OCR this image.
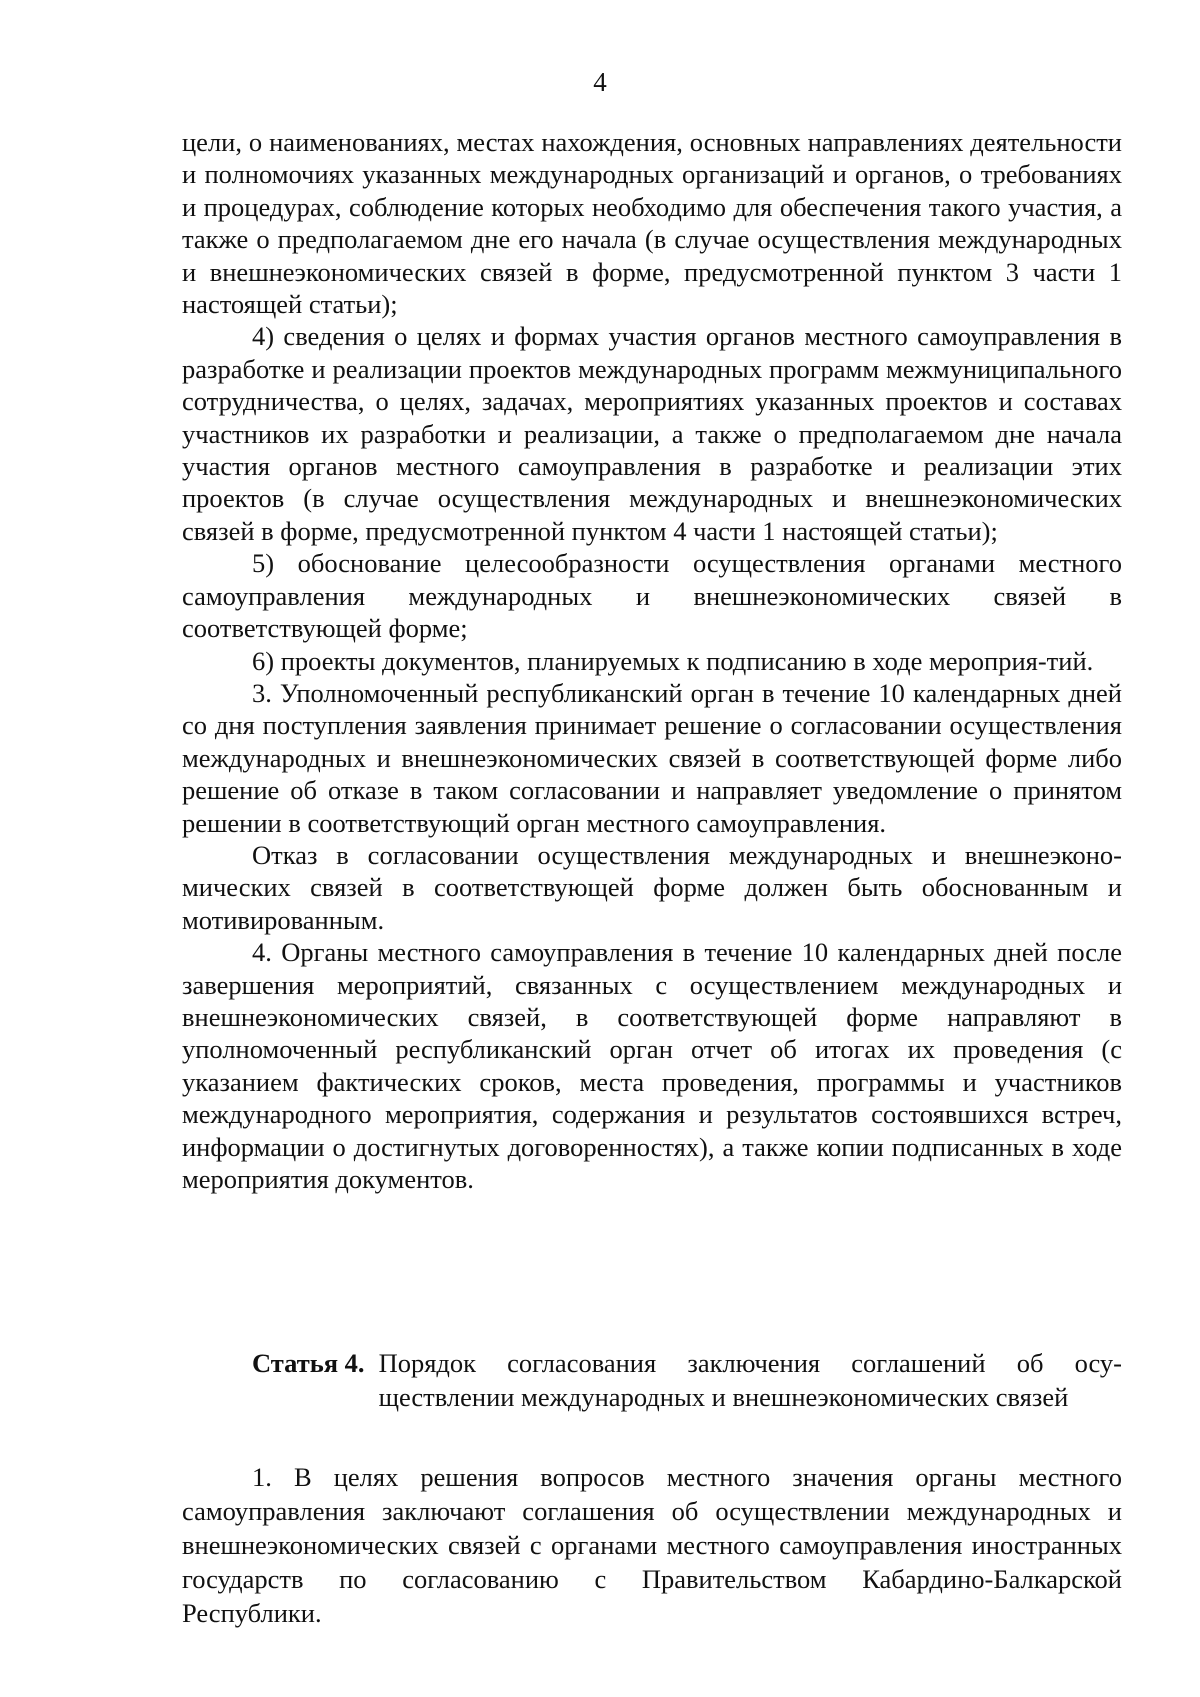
4

цели, о наименованиях, местах нахождения, основных направлениях деятельности и полномочиях указанных международных организаций и органов, о требованиях и процедурах, соблюдение которых необходимо для обеспечения такого участия, а также о предполагаемом дне его начала (в случае осуществления международных и внешнеэкономических связей в форме, предусмотренной пунктом 3 части 1 настоящей статьи);

4) сведения о целях и формах участия органов местного самоуправления в разработке и реализации проектов международных программ межмуниципального сотрудничества, о целях, задачах, мероприятиях указанных проектов и составах участников их разработки и реализации, а также о предполагаемом дне начала участия органов местного самоуправления в разработке и реализации этих проектов (в случае осуществления международных и внешнеэкономических связей в форме, предусмотренной пунктом 4 части 1 настоящей статьи);

5) обоснование целесообразности осуществления органами местного самоуправления международных и внешнеэкономических связей в соответствующей форме;

6) проекты документов, планируемых к подписанию в ходе мероприя-тий.

3. Уполномоченный республиканский орган в течение 10 календарных дней со дня поступления заявления принимает решение о согласовании осуществления международных и внешнеэкономических связей в соответствующей форме либо решение об отказе в таком согласовании и направляет уведомление о принятом решении в соответствующий орган местного самоуправления.

Отказ в согласовании осуществления международных и внешнеэконо-мических связей в соответствующей форме должен быть обоснованным и мотивированным.

4. Органы местного самоуправления в течение 10 календарных дней после завершения мероприятий, связанных с осуществлением международных и внешнеэкономических связей, в соответствующей форме направляют в уполномоченный республиканский орган отчет об итогах их проведения (с указанием фактических сроков, места проведения, программы и участников международного мероприятия, содержания и результатов состоявшихся встреч, информации о достигнутых договоренностях), а также копии подписанных в ходе мероприятия документов.

Статья 4. Порядок согласования заключения соглашений об осу-ществлении международных и внешнеэкономических связей

1. В целях решения вопросов местного значения органы местного самоуправления заключают соглашения об осуществлении международных и внешнеэкономических связей с органами местного самоуправления иностранных государств по согласованию с Правительством Кабардино-Балкарской Республики.
